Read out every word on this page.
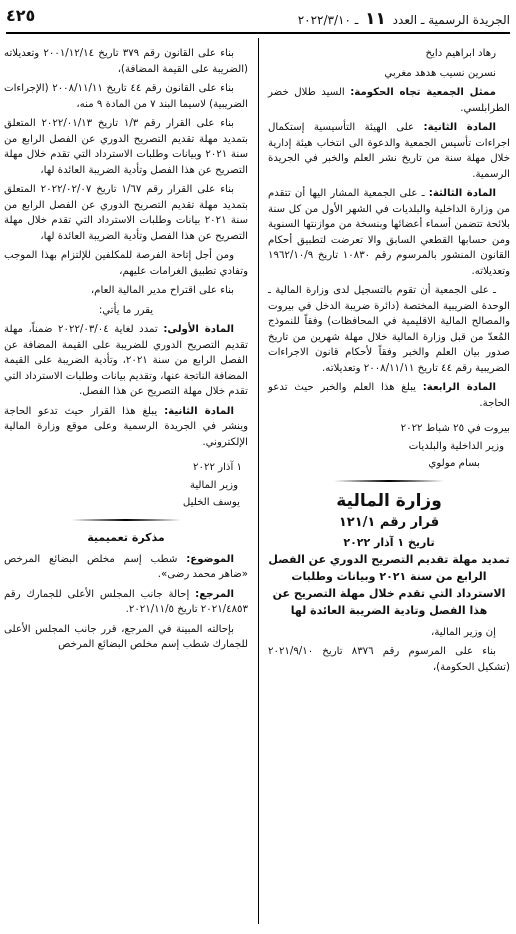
الجريدة الرسمية ـ العدد ١١ ـ ٢٠٢٢/٣/١٠
٤٢٥

رهاد ابراهيم دايخ

نسرين نسيب هدهد مغربي

ممثل الجمعية تجاه الحكومة: السيد طلال خضر الطرابلسي.

المادة الثانية: على الهيئة التأسيسية إستكمال اجراءات تأسيس الجمعية والدعوة الى انتخاب هيئة إدارية خلال مهلة سنة من تاريخ نشر العلم والخبر في الجريدة الرسمية.

المادة الثالثة: ـ على الجمعية المشار اليها أن تتقدم من وزارة الداخلية والبلديات في الشهر الأول من كل سنة بلائحة تتضمن أسماء أعضائها وبنسخة من موازنتها السنوية ومن حسابها القطعي السابق والا تعرضت لتطبيق أحكام القانون المنشور بالمرسوم رقم ١٠٨٣٠ تاريخ ١٩٦٢/١٠/٩ وتعديلاته.

ـ على الجمعية أن تقوم بالتسجيل لدى وزارة المالية ـ الوحدة الضريبية المختصة (دائرة ضريبة الدخل في بيروت والمصالح المالية الاقليمية في المحافظات) وفقاً للنموذج المُعدّ من قبل وزارة المالية خلال مهلة شهرين من تاريخ صدور بيان العلم والخبر وفقاً لأحكام قانون الاجراءات الضريبية رقم ٤٤ تاريخ ٢٠٠٨/١١/١١ وتعديلاته.

المادة الرابعة: يبلغ هذا العلم والخبر حيث تدعو الحاجة.

بيروت في ٢٥ شباط ٢٠٢٢

وزير الداخلية والبلديات

بسام مولوي

وزارة المالية
قرار رقم ١٢١/١
تاريخ ١ آذار ٢٠٢٢
تمديد مهلة تقديم التصريح الدوري عن الفصل الرابع من سنة ٢٠٢١ وبيانات وطلبات الاسترداد التي تقدم خلال مهلة التصريح عن هذا الفصل وتادية الضريبة العائدة لها

إن وزير المالية،

بناء على المرسوم رقم ٨٣٧٦ تاريخ ٢٠٢١/٩/١٠ (تشكيل الحكومة)،

بناء على القانون رقم ٣٧٩ تاريخ ٢٠٠١/١٢/١٤ وتعديلاته (الضريبة على القيمة المضافة)،

بناء على القانون رقم ٤٤ تاريخ ٢٠٠٨/١١/١١ (الإجراءات الضريبية) لاسيما البند ٧ من المادة ٩ منه،

بناء على القرار رقم ١/٣ تاريخ ٢٠٢٢/٠١/١٣ المتعلق بتمديد مهلة تقديم التصريح الدوري عن الفصل الرابع من سنة ٢٠٢١ وبيانات وطلبات الاسترداد التي تقدم خلال مهلة التصريح عن هذا الفصل وتأدية الضريبة العائدة لها،

بناء على القرار رقم ١/٦٧ تاريخ ٢٠٢٢/٠٢/٠٧ المتعلق بتمديد مهلة تقديم التصريح الدوري عن الفصل الرابع من سنة ٢٠٢١ بيانات وطلبات الاسترداد التي تقدم خلال مهلة التصريح عن هذا الفصل وتأدية الضريبة العائدة لها،

ومن أجل إتاحة الفرصة للمكلفين للإلتزام بهذا الموجب وتفادي تطبيق الغرامات عليهم،

بناء على اقتراح مدير المالية العام،

يقرر ما يأتي:

المادة الأولى: تمدد لغاية ٢٠٢٢/٠٣/٠٤ ضمناً، مهلة تقديم التصريح الدوري للضريبة على القيمة المضافة عن الفصل الرابع من سنة ٢٠٢١، وتأدية الضريبة على القيمة المضافة الناتجة عنها، وتقديم بيانات وطلبات الاسترداد التي تقدم خلال مهلة التصريح عن هذا الفصل.

المادة الثانية: يبلغ هذا القرار حيث تدعو الحاجة وينشر في الجريدة الرسمية وعلى موقع وزارة المالية الإلكتروني.

١ آذار ٢٠٢٢

وزير المالية

يوسف الخليل

مذكرة تعميمية

الموضوع: شطب إسم مخلص البضائع المرخص «ضاهر محمد رضى».

المرجع: إحالة جانب المجلس الأعلى للجمارك رقم ٢٠٢١/٤٨٥٣ تاريخ ٢٠٢١/١١/٥.

بإحالته المبينة في المرجع، قرر جانب المجلس الأعلى للجمارك شطب إسم مخلص البضائع المرخص
